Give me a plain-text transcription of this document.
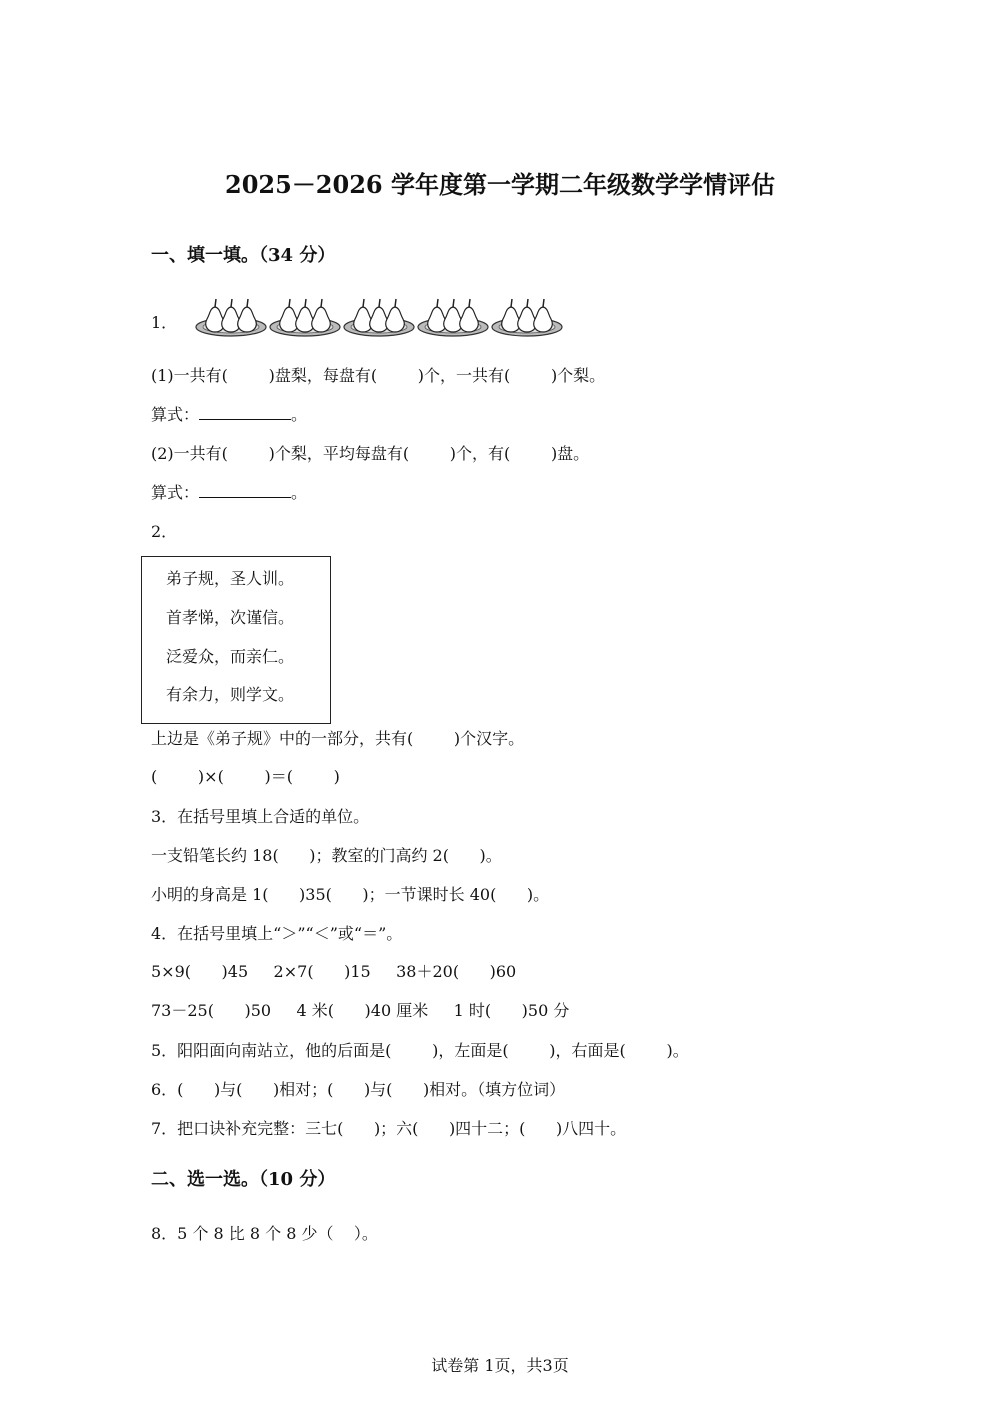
2025－2026 学年度第一学期二年级数学学情评估
一、填一填。（34 分）
1．
(1)一共有(        )盘梨，每盘有(        )个，一共有(        )个梨。
算式：	。
(2)一共有(        )个梨，平均每盘有(        )个，有(        )盘。
算式：	。
2．
弟子规，圣人训。
首孝悌，次谨信。
泛爱众，而亲仁。
有余力，则学文。
上边是《弟子规》中的一部分，共有(        )个汉字。
(        )×(        )＝(        )
3．在括号里填上合适的单位。
一支铅笔长约 18(      )；教室的门高约 2(      )。
小明的身高是 1(      )35(      )；一节课时长 40(      )。
4．在括号里填上“＞”“＜”或“＝”。
5×9(      )45     2×7(      )15     38＋20(      )60
73－25(      )50     4 米(      )40 厘米     1 时(      )50 分
5．阳阳面向南站立，他的后面是(        )，左面是(        )，右面是(        )。
6．(      )与(      )相对；(      )与(      )相对。（填方位词）
7．把口诀补充完整：三七(      )；六(      )四十二；(      )八四十。
二、选一选。（10 分）
8．5 个 8 比 8 个 8 少（    ）。
试卷第 1页，共3页
